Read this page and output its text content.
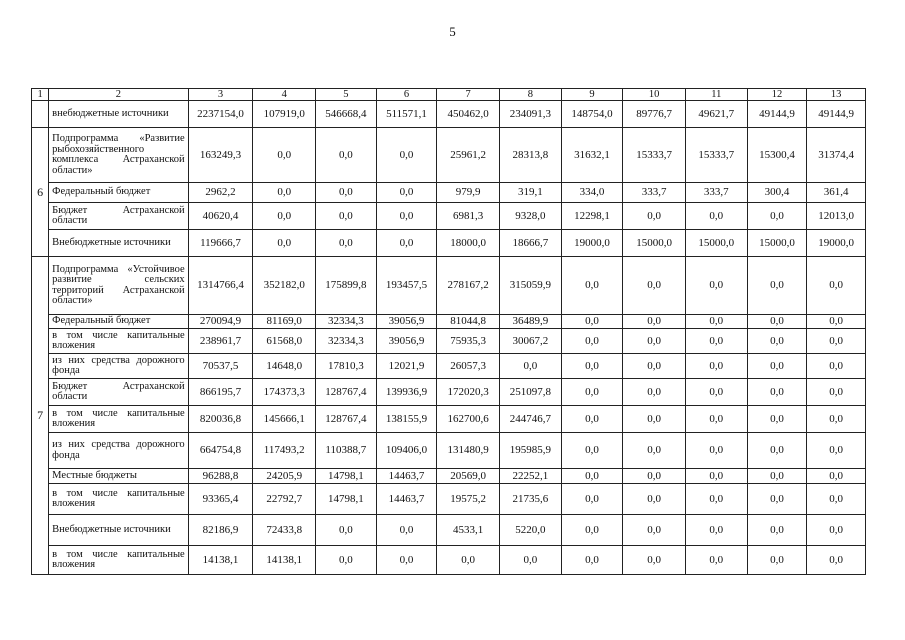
5
1	2	3	4	5	6	7	8	9	10	11	12	13
	внебюджетные источники	2237154,0	107919,0	546668,4	511571,1	450462,0	234091,3	148754,0	89776,7	49621,7	49144,9	49144,9
6	Подпрограмма «Развитие рыбохозяйственного комплекса Астраханской области»	163249,3	0,0	0,0	0,0	25961,2	28313,8	31632,1	15333,7	15333,7	15300,4	31374,4
	Федеральный бюджет	2962,2	0,0	0,0	0,0	979,9	319,1	334,0	333,7	333,7	300,4	361,4
	Бюджет Астраханской области	40620,4	0,0	0,0	0,0	6981,3	9328,0	12298,1	0,0	0,0	0,0	12013,0
	Внебюджетные источники	119666,7	0,0	0,0	0,0	18000,0	18666,7	19000,0	15000,0	15000,0	15000,0	19000,0
7	Подпрограмма «Устойчивое развитие сельских территорий Астраханской области»	1314766,4	352182,0	175899,8	193457,5	278167,2	315059,9	0,0	0,0	0,0	0,0	0,0
	Федеральный бюджет	270094,9	81169,0	32334,3	39056,9	81044,8	36489,9	0,0	0,0	0,0	0,0	0,0
	в том числе капитальные вложения	238961,7	61568,0	32334,3	39056,9	75935,3	30067,2	0,0	0,0	0,0	0,0	0,0
	из них средства дорожного фонда	70537,5	14648,0	17810,3	12021,9	26057,3	0,0	0,0	0,0	0,0	0,0	0,0
	Бюджет Астраханской области	866195,7	174373,3	128767,4	139936,9	172020,3	251097,8	0,0	0,0	0,0	0,0	0,0
	в том числе капитальные вложения	820036,8	145666,1	128767,4	138155,9	162700,6	244746,7	0,0	0,0	0,0	0,0	0,0
	из них средства дорожного фонда	664754,8	117493,2	110388,7	109406,0	131480,9	195985,9	0,0	0,0	0,0	0,0	0,0
	Местные бюджеты	96288,8	24205,9	14798,1	14463,7	20569,0	22252,1	0,0	0,0	0,0	0,0	0,0
	в том числе капитальные вложения	93365,4	22792,7	14798,1	14463,7	19575,2	21735,6	0,0	0,0	0,0	0,0	0,0
	Внебюджетные источники	82186,9	72433,8	0,0	0,0	4533,1	5220,0	0,0	0,0	0,0	0,0	0,0
	в том числе капитальные вложения	14138,1	14138,1	0,0	0,0	0,0	0,0	0,0	0,0	0,0	0,0	0,0
